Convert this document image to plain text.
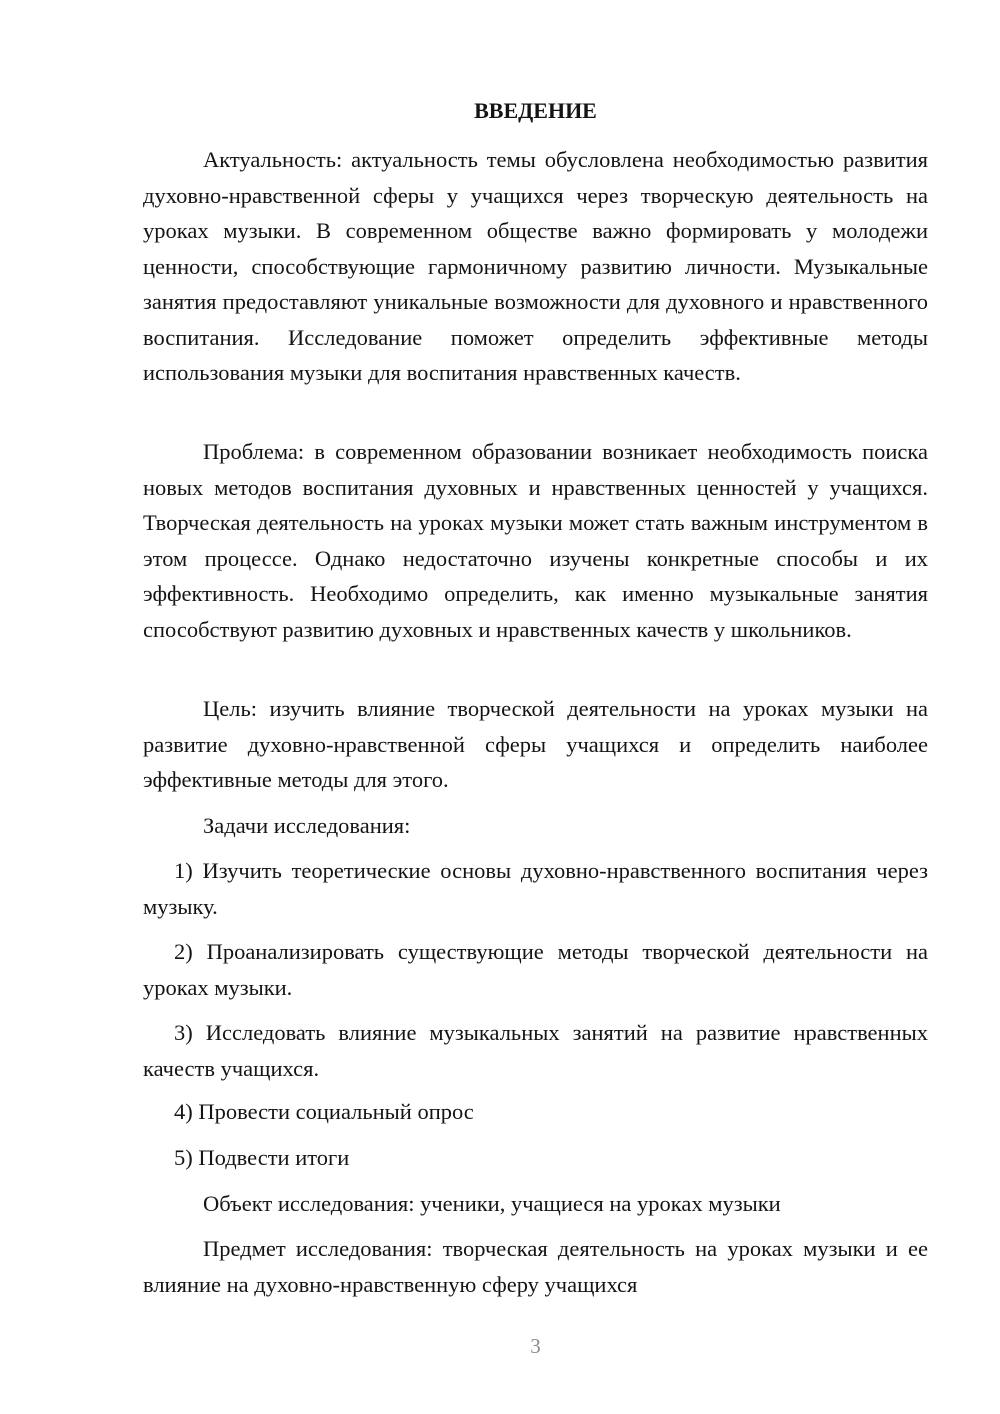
ВВЕДЕНИЕ

Актуальность: актуальность темы обусловлена необходимостью развития духовно-нравственной сферы у учащихся через творческую деятельность на уроках музыки. В современном обществе важно формировать у молодежи ценности, способствующие гармоничному развитию личности. Музыкальные занятия предоставляют уникальные возможности для духовного и нравственного воспитания. Исследование поможет определить эффективные методы использования музыки для воспитания нравственных качеств.

Проблема: в современном образовании возникает необходимость поиска новых методов воспитания духовных и нравственных ценностей у учащихся. Творческая деятельность на уроках музыки может стать важным инструментом в этом процессе. Однако недостаточно изучены конкретные способы и их эффективность. Необходимо определить, как именно музыкальные занятия способствуют развитию духовных и нравственных качеств у школьников.

Цель: изучить влияние творческой деятельности на уроках музыки на развитие духовно-нравственной сферы учащихся и определить наиболее эффективные методы для этого.

Задачи исследования:

1) Изучить теоретические основы духовно-нравственного воспитания через музыку.

2) Проанализировать существующие методы творческой деятельности на уроках музыки.

3) Исследовать влияние музыкальных занятий на развитие нравственных качеств учащихся.

4) Провести социальный опрос

5) Подвести итоги

Объект исследования: ученики, учащиеся на уроках музыки

Предмет исследования: творческая деятельность на уроках музыки и ее влияние на духовно-нравственную сферу учащихся

3
